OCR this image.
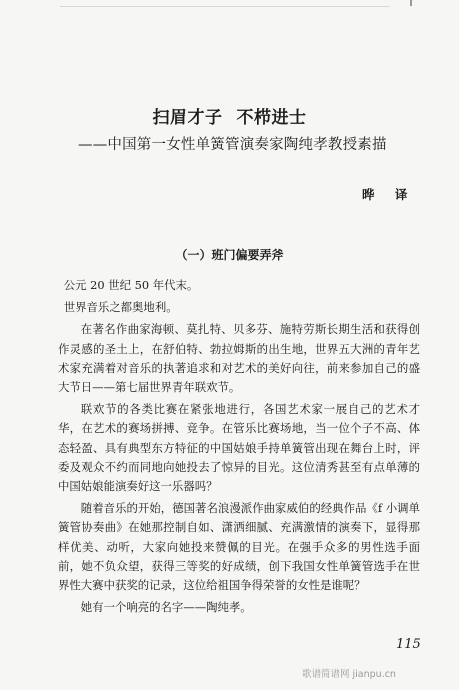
扫眉才子 不栉进士
——中国第一女性单簧管演奏家陶纯孝教授素描
晔 译
（一）班门偏要弄斧

公元 20 世纪 50 年代末。

世界音乐之都奥地利。

在著名作曲家海顿、莫扎特、贝多芬、施特劳斯长期生活和获得创作灵感的圣土上，在舒伯特、勃拉姆斯的出生地，世界五大洲的青年艺术家充满着对音乐的执著追求和对艺术的美好向往，前来参加自己的盛大节日——第七届世界青年联欢节。

联欢节的各类比赛在紧张地进行，各国艺术家一展自己的艺术才华，在艺术的赛场拼搏、竞争。在管乐比赛场地，当一位个子不高、体态轻盈、具有典型东方特征的中国姑娘手持单簧管出现在舞台上时，评委及观众不约而同地向她投去了惊异的目光。这位清秀甚至有点单薄的中国姑娘能演奏好这一乐器吗？

随着音乐的开始，德国著名浪漫派作曲家威伯的经典作品《f 小调单簧管协奏曲》在她那控制自如、潇洒细腻、充满激情的演奏下，显得那样优美、动听，大家向她投来赞佩的目光。在强手众多的男性选手面前，她不负众望，获得三等奖的好成绩，创下我国女性单簧管选手在世界性大赛中获奖的记录，这位给祖国争得荣誉的女性是谁呢？

她有一个响亮的名字——陶纯孝。

115
歌谱简谱网 jianpu.cn
